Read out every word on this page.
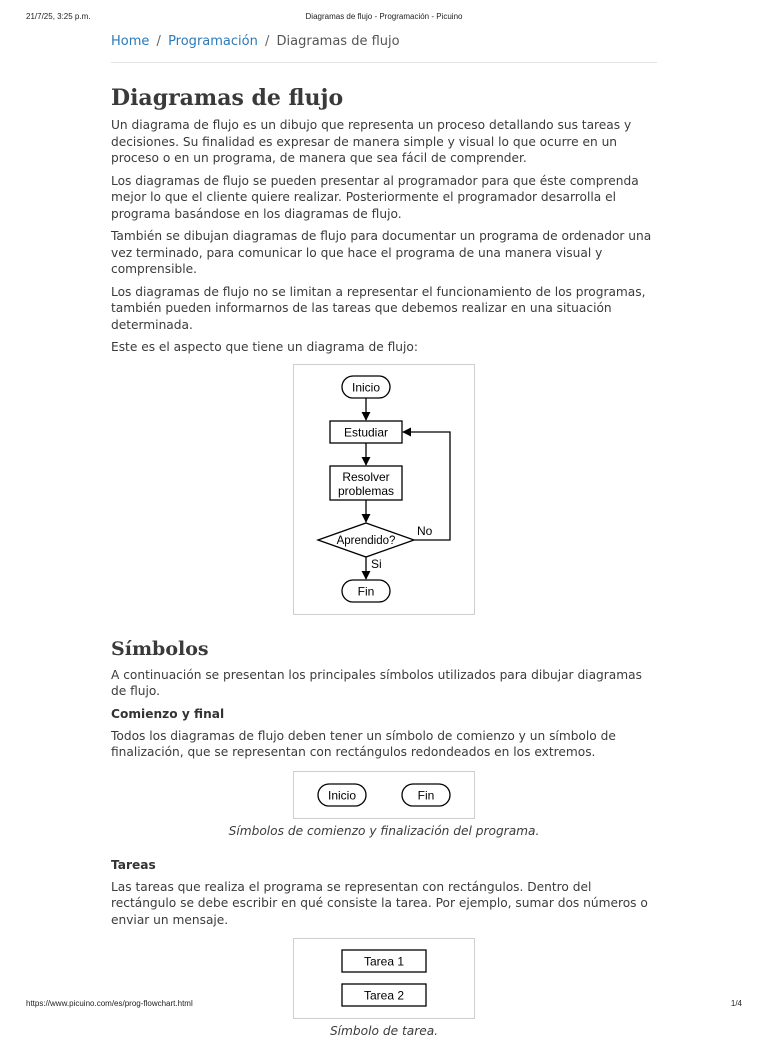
21/7/25, 3:25 p.m.	Diagramas de flujo - Programación - Picuino
Home / Programación / Diagramas de flujo
Diagramas de flujo

Un diagrama de flujo es un dibujo que representa un proceso detallando sus tareas y decisiones. Su finalidad es expresar de manera simple y visual lo que ocurre en un proceso o en un programa, de manera que sea fácil de comprender.

Los diagramas de flujo se pueden presentar al programador para que éste comprenda mejor lo que el cliente quiere realizar. Posteriormente el programador desarrolla el programa basándose en los diagramas de flujo.

También se dibujan diagramas de flujo para documentar un programa de ordenador una vez terminado, para comunicar lo que hace el programa de una manera visual y comprensible.

Los diagramas de flujo no se limitan a representar el funcionamiento de los programas, también pueden informarnos de las tareas que debemos realizar en una situación determinada.

Este es el aspecto que tiene un diagrama de flujo:

Inicio
Estudiar
Resolver
problemas
Aprendido?
No
Si
Fin
Símbolos

A continuación se presentan los principales símbolos utilizados para dibujar diagramas de flujo.

Comienzo y final

Todos los diagramas de flujo deben tener un símbolo de comienzo y un símbolo de finalización, que se representan con rectángulos redondeados en los extremos.

Inicio	Fin

Símbolos de comienzo y finalización del programa.

Tareas

Las tareas que realiza el programa se representan con rectángulos. Dentro del rectángulo se debe escribir en qué consiste la tarea. Por ejemplo, sumar dos números o enviar un mensaje.

Tarea 1
Tarea 2

Símbolo de tarea.

https://www.picuino.com/es/prog-flowchart.html	1/4
